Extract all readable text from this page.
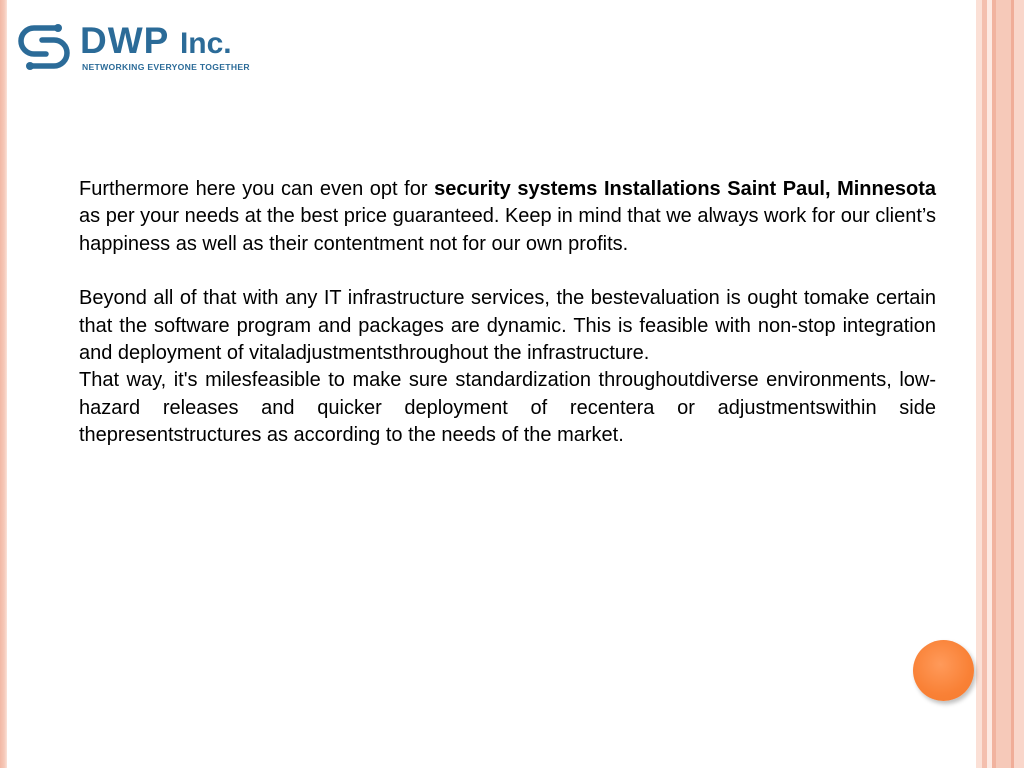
DWP Inc.
NETWORKING EVERYONE TOGETHER

Furthermore here you can even opt for security systems Installations Saint Paul, Minnesota as per your needs at the best price guaranteed. Keep in mind that we always work for our client’s happiness as well as their contentment not for our own profits.

Beyond all of that with any IT infrastructure services, the bestevaluation is ought tomake certain that the software program and packages are dynamic. This is feasible with non-stop integration and deployment of vitaladjustmentsthroughout the infrastructure.

That way, it's milesfeasible to make sure standardization throughoutdiverse environments, low-hazard releases and quicker deployment of recentera or adjustmentswithin side thepresentstructures as according to the needs of the market.
